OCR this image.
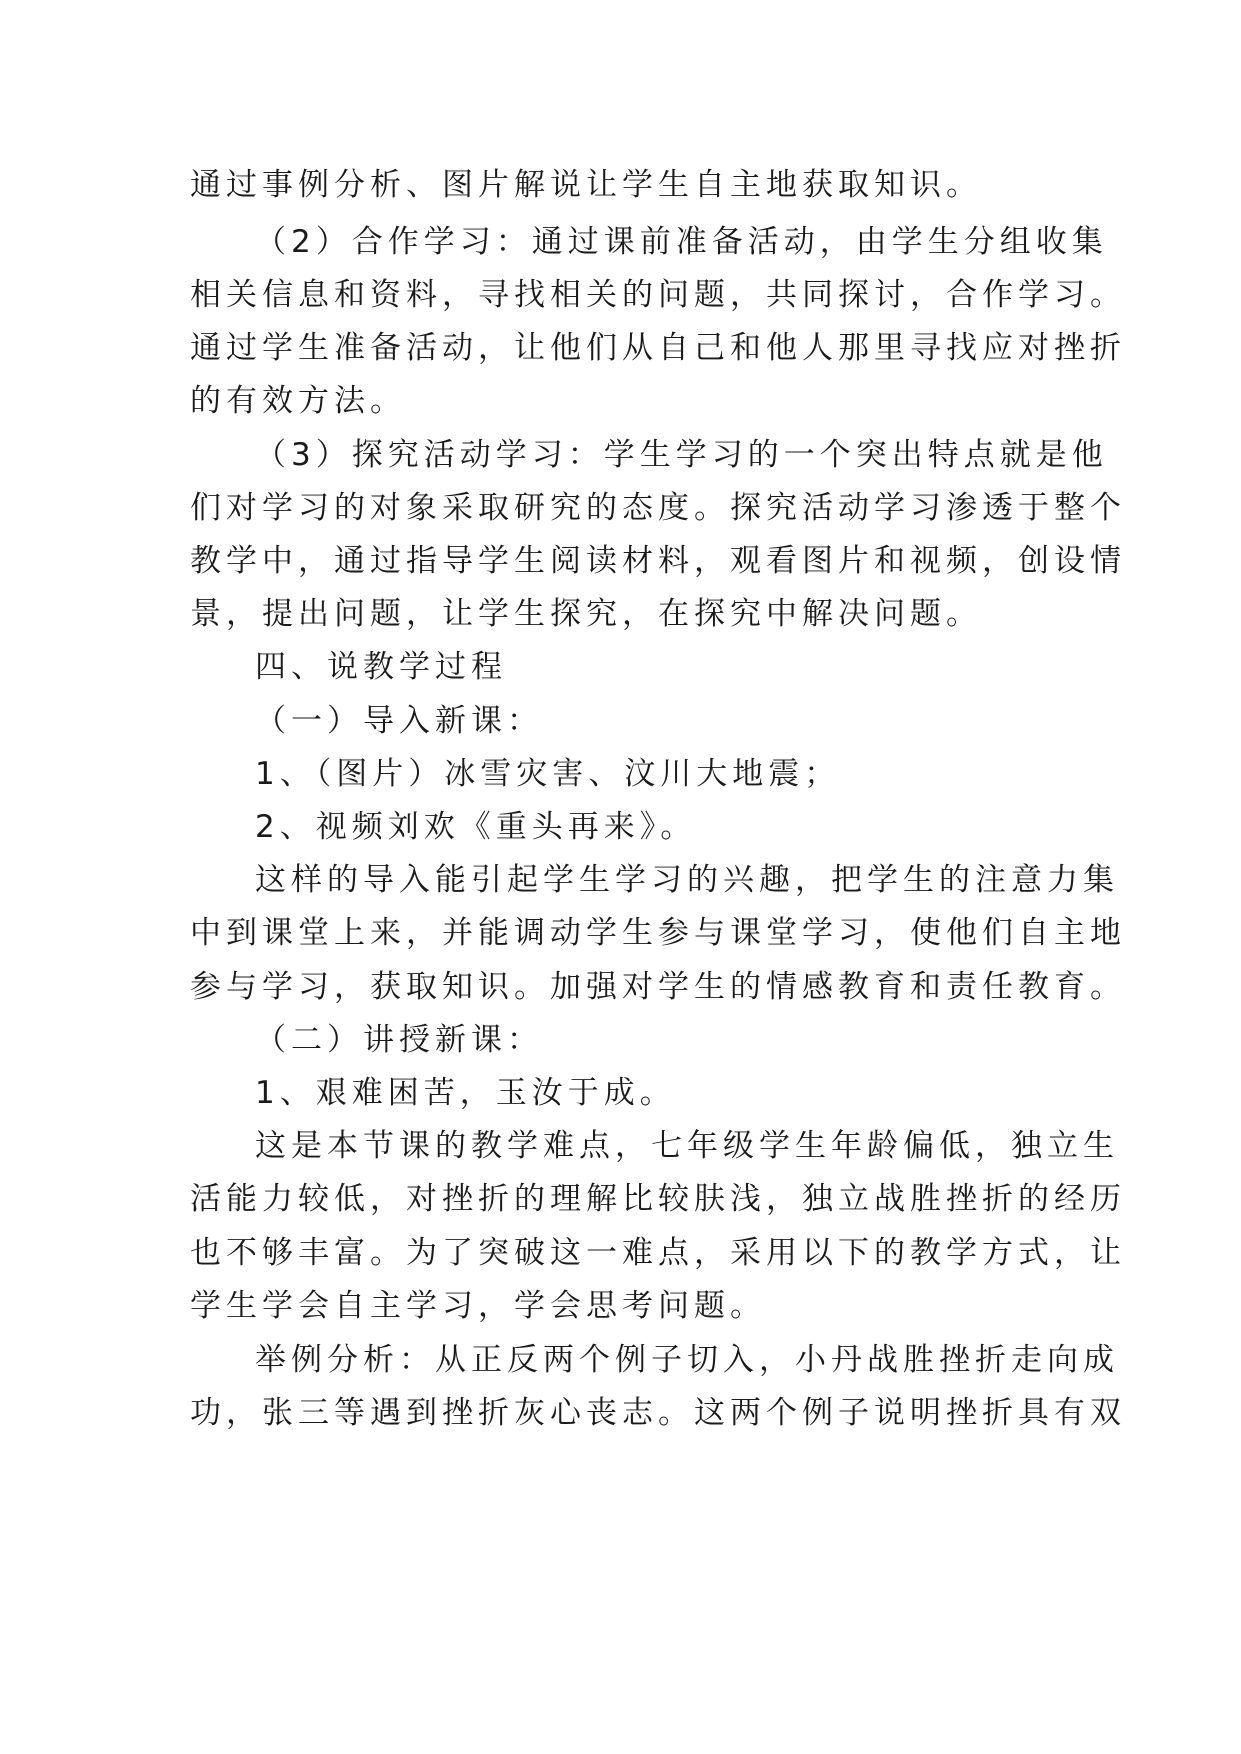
通过事例分析、图片解说让学生自主地获取知识。
（2）合作学习：通过课前准备活动，由学生分组收集
相关信息和资料，寻找相关的问题，共同探讨，合作学习。
通过学生准备活动，让他们从自己和他人那里寻找应对挫折
的有效方法。
（3）探究活动学习：学生学习的一个突出特点就是他
们对学习的对象采取研究的态度。探究活动学习渗透于整个
教学中，通过指导学生阅读材料，观看图片和视频，创设情
景，提出问题，让学生探究，在探究中解决问题。
四、说教学过程
（一）导入新课：
1、（图片）冰雪灾害、汶川大地震；
2、视频刘欢《重头再来》。
这样的导入能引起学生学习的兴趣，把学生的注意力集
中到课堂上来，并能调动学生参与课堂学习，使他们自主地
参与学习，获取知识。加强对学生的情感教育和责任教育。
（二）讲授新课：
1、艰难困苦，玉汝于成。
这是本节课的教学难点，七年级学生年龄偏低，独立生
活能力较低，对挫折的理解比较肤浅，独立战胜挫折的经历
也不够丰富。为了突破这一难点，采用以下的教学方式，让
学生学会自主学习，学会思考问题。
举例分析：从正反两个例子切入，小丹战胜挫折走向成
功，张三等遇到挫折灰心丧志。这两个例子说明挫折具有双
